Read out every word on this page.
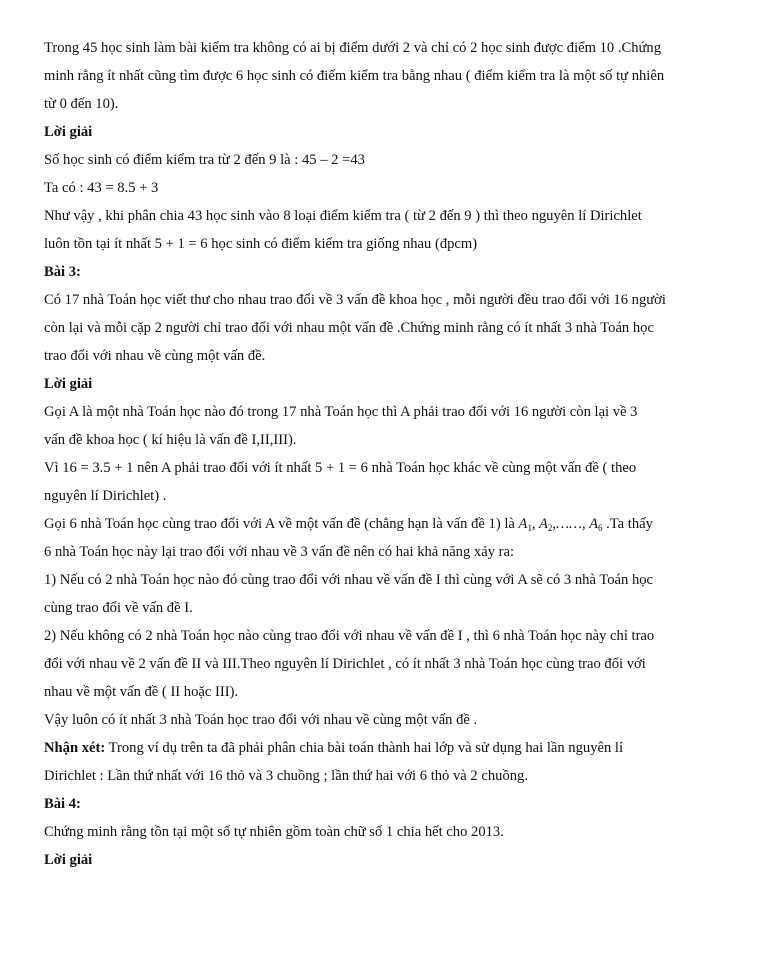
Trong 45 học sinh làm bài kiểm tra không có ai bị điểm dưới 2 và chỉ có 2 học sinh được điểm 10 .Chứng
minh rằng ít nhất cũng tìm được 6 học sinh có điểm kiểm tra bằng nhau ( điểm kiểm tra là một số tự nhiên
từ 0 đến 10).
Lời giải
Số học sinh có điểm kiểm tra từ 2 đến 9 là : 45 – 2 =43
Ta có : 43 = 8.5 + 3
Như vậy , khi phân chia 43 học sinh vào 8 loại điểm kiểm tra ( từ 2 đến 9 ) thì theo nguyên lí Dirichlet
luôn tồn tại ít nhất 5 + 1 = 6 học sinh có điểm kiểm tra giống nhau (đpcm)
Bài 3:
Có 17 nhà Toán học viết thư cho nhau trao đổi về 3 vấn đề khoa học , mỗi người đều trao đổi với 16 người
còn lại và mỗi cặp 2 người chỉ trao đổi với nhau một vấn đề .Chứng minh rằng có ít nhất 3 nhà Toán học
trao đổi với nhau về cùng một vấn đề.
Lời giải
Gọi A là một nhà Toán học nào đó trong 17 nhà Toán học thì A phải trao đổi với 16 người còn lại về 3
vấn đề khoa học ( kí hiệu là vấn đề I,II,III).
Vì 16 = 3.5 + 1 nên A phải trao đổi với ít nhất 5 + 1 = 6 nhà Toán học khác về cùng một vấn đề ( theo
nguyên lí Dirichlet) .
Gọi 6 nhà Toán học cùng trao đổi với A về một vấn đề (chẳng hạn là vấn đề 1) là $A_1$, $A_2,\dots\dots$, $A_6$ .Ta thấy
6 nhà Toán học này lại trao đổi với nhau về 3 vấn đề nên có hai khả năng xảy ra:
1) Nếu có 2 nhà Toán học nào đó cùng trao đổi với nhau về vấn đề I thì cùng với A sẽ có 3 nhà Toán học
cùng trao đổi về vấn đề I.
2) Nếu không có 2 nhà Toán học nào cùng trao đổi với nhau về vấn đề I , thì 6 nhà Toán học này chỉ trao
đổi với nhau về 2 vấn đề II và III.Theo nguyên lí Dirichlet , có ít nhất 3 nhà Toán học cùng trao đổi với
nhau về một vấn đề ( II hoặc III).
Vậy luôn có ít nhất 3 nhà Toán học trao đổi với nhau về cùng một vấn đề .
Nhận xét: Trong ví dụ trên ta đã phải phân chia bài toán thành hai lớp và sử dụng hai lần nguyên lí
Dirichlet : Lần thứ nhất với 16 thỏ và 3 chuồng ; lần thứ hai với 6 thỏ và 2 chuồng.
Bài 4:
Chứng minh rằng tồn tại một số tự nhiên gồm toàn chữ số 1 chia hết cho 2013.
Lời giải
